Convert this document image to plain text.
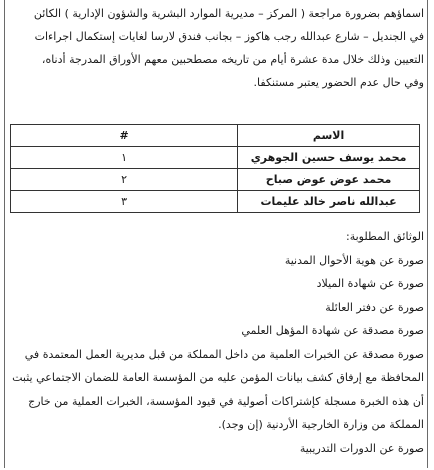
اسماؤهم بضرورة مراجعة ( المركز – مديرية الموارد البشرية والشؤون الإدارية ) الكائن

في الجنديل – شارع عبدالله رجب هاكوز – بجانب فندق لارسا لغايات إستكمال اجراءات

التعيين وذلك خلال مدة عشرة أيام من تاريخه مصطحبين معهم الأوراق المدرجة أدناه،

وفي حال عدم الحضور يعتبر مستنكفا.

الاسم	#
محمد يوسف حسين الجوهري	١
محمد عوض عوض صباح	٢
عبدالله ناصر خالد عليمات	٣

الوثائق المطلوبة:

صورة عن هوية الأحوال المدنية

صورة عن شهادة الميلاد

صورة عن دفتر العائلة

صورة مصدقة عن شهادة المؤهل العلمي

صورة مصدقة عن الخبرات العلمية من داخل المملكة من قبل مديرية العمل المعتمدة في

المحافظة مع إرفاق كشف بيانات المؤمن عليه من المؤسسة العامة للضمان الاجتماعي يثبت

أن هذه الخبرة مسجلة كإشتراكات أصولية في قيود المؤسسة، الخبرات العملية من خارج

المملكة من وزارة الخارجية الأردنية (إن وجد).

صورة عن الدورات التدريبية
